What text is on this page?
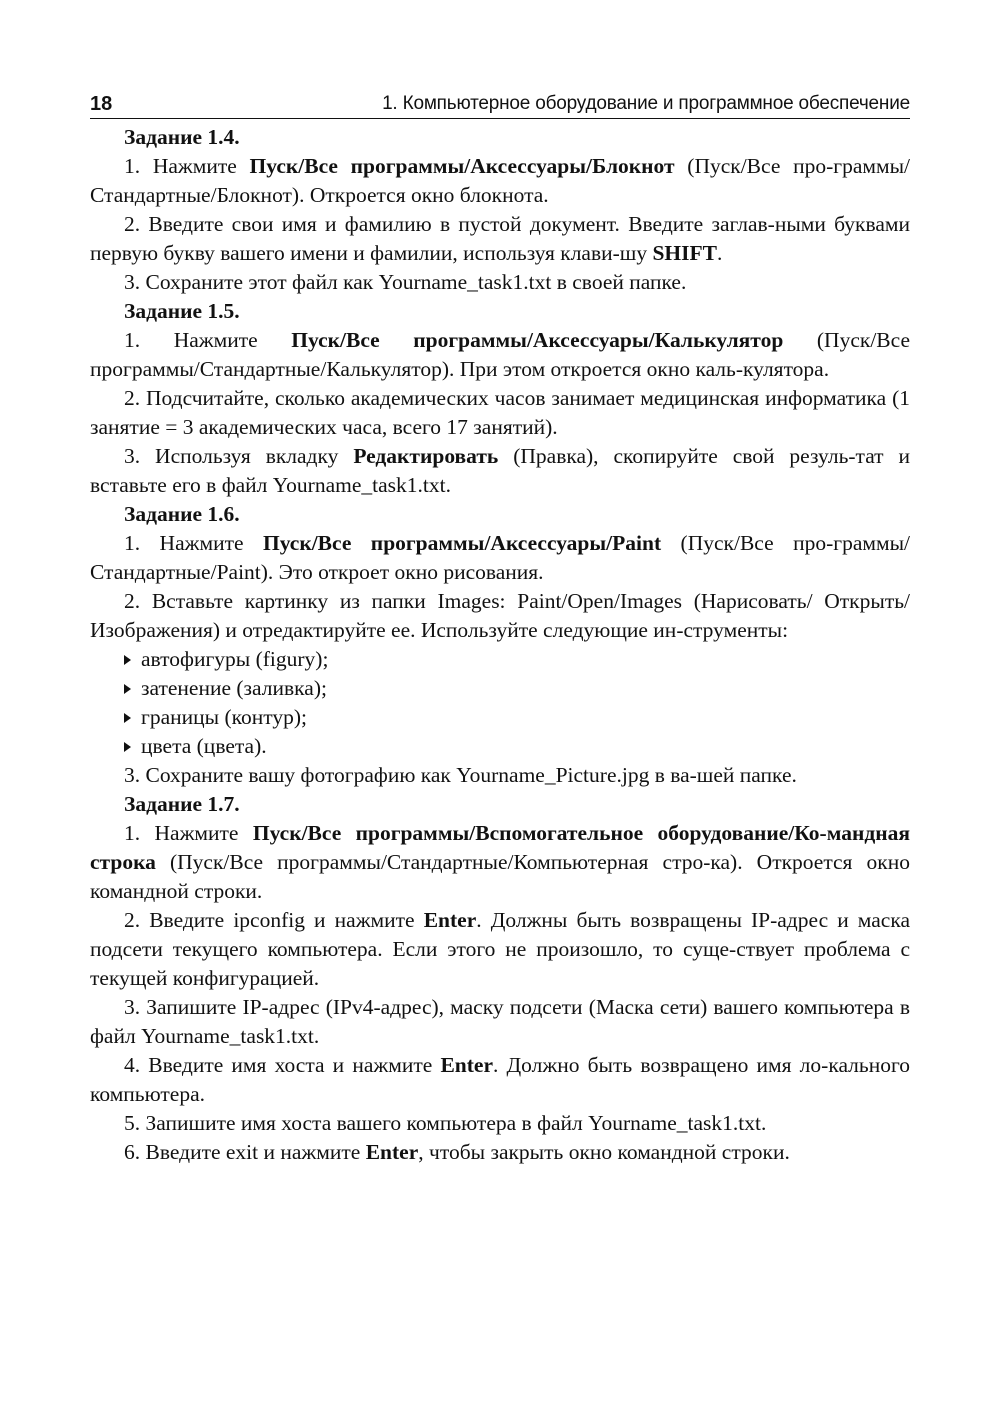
18	1. Компьютерное оборудование и программное обеспечение

Задание 1.4.

1. Нажмите Пуск/Все программы/Аксессуары/Блокнот (Пуск/Все про-граммы/Стандартные/Блокнот). Откроется окно блокнота.

2. Введите свои имя и фамилию в пустой документ. Введите заглав-ными буквами первую букву вашего имени и фамилии, используя клави-шу SHIFT.

3. Сохраните этот файл как Yourname_task1.txt в своей папке.

Задание 1.5.

1. Нажмите Пуск/Все программы/Аксессуары/Калькулятор (Пуск/Все программы/Стандартные/Калькулятор). При этом откроется окно каль-кулятора.

2. Подсчитайте, сколько академических часов занимает медицинская информатика (1 занятие = 3 академических часа, всего 17 занятий).

3. Используя вкладку Редактировать (Правка), скопируйте свой резуль-тат и вставьте его в файл Yourname_task1.txt.

Задание 1.6.

1. Нажмите Пуск/Все программы/Аксессуары/Paint (Пуск/Все про-граммы/Стандартные/Paint). Это откроет окно рисования.

2. Вставьте картинку из папки Images: Paint/Open/Images (Нарисовать/ Открыть/Изображения) и отредактируйте ее. Используйте следующие ин-струменты:

автофигуры (figury);
затенение (заливка);
границы (контур);
цвета (цвета).

3. Сохраните вашу фотографию как Yourname_Picture.jpg в ва-шей папке.

Задание 1.7.

1. Нажмите Пуск/Все программы/Вспомогательное оборудование/Ко-мандная строка (Пуск/Все программы/Стандартные/Компьютерная стро-ка). Откроется окно командной строки.

2. Введите ipconfig и нажмите Enter. Должны быть возвращены IP-адрес и маска подсети текущего компьютера. Если этого не произошло, то суще-ствует проблема с текущей конфигурацией.

3. Запишите IP-адрес (IPv4-адрес), маску подсети (Маска сети) вашего компьютера в файл Yourname_task1.txt.

4. Введите имя хоста и нажмите Enter. Должно быть возвращено имя ло-кального компьютера.

5. Запишите имя хоста вашего компьютера в файл Yourname_task1.txt.

6. Введите exit и нажмите Enter, чтобы закрыть окно командной строки.
